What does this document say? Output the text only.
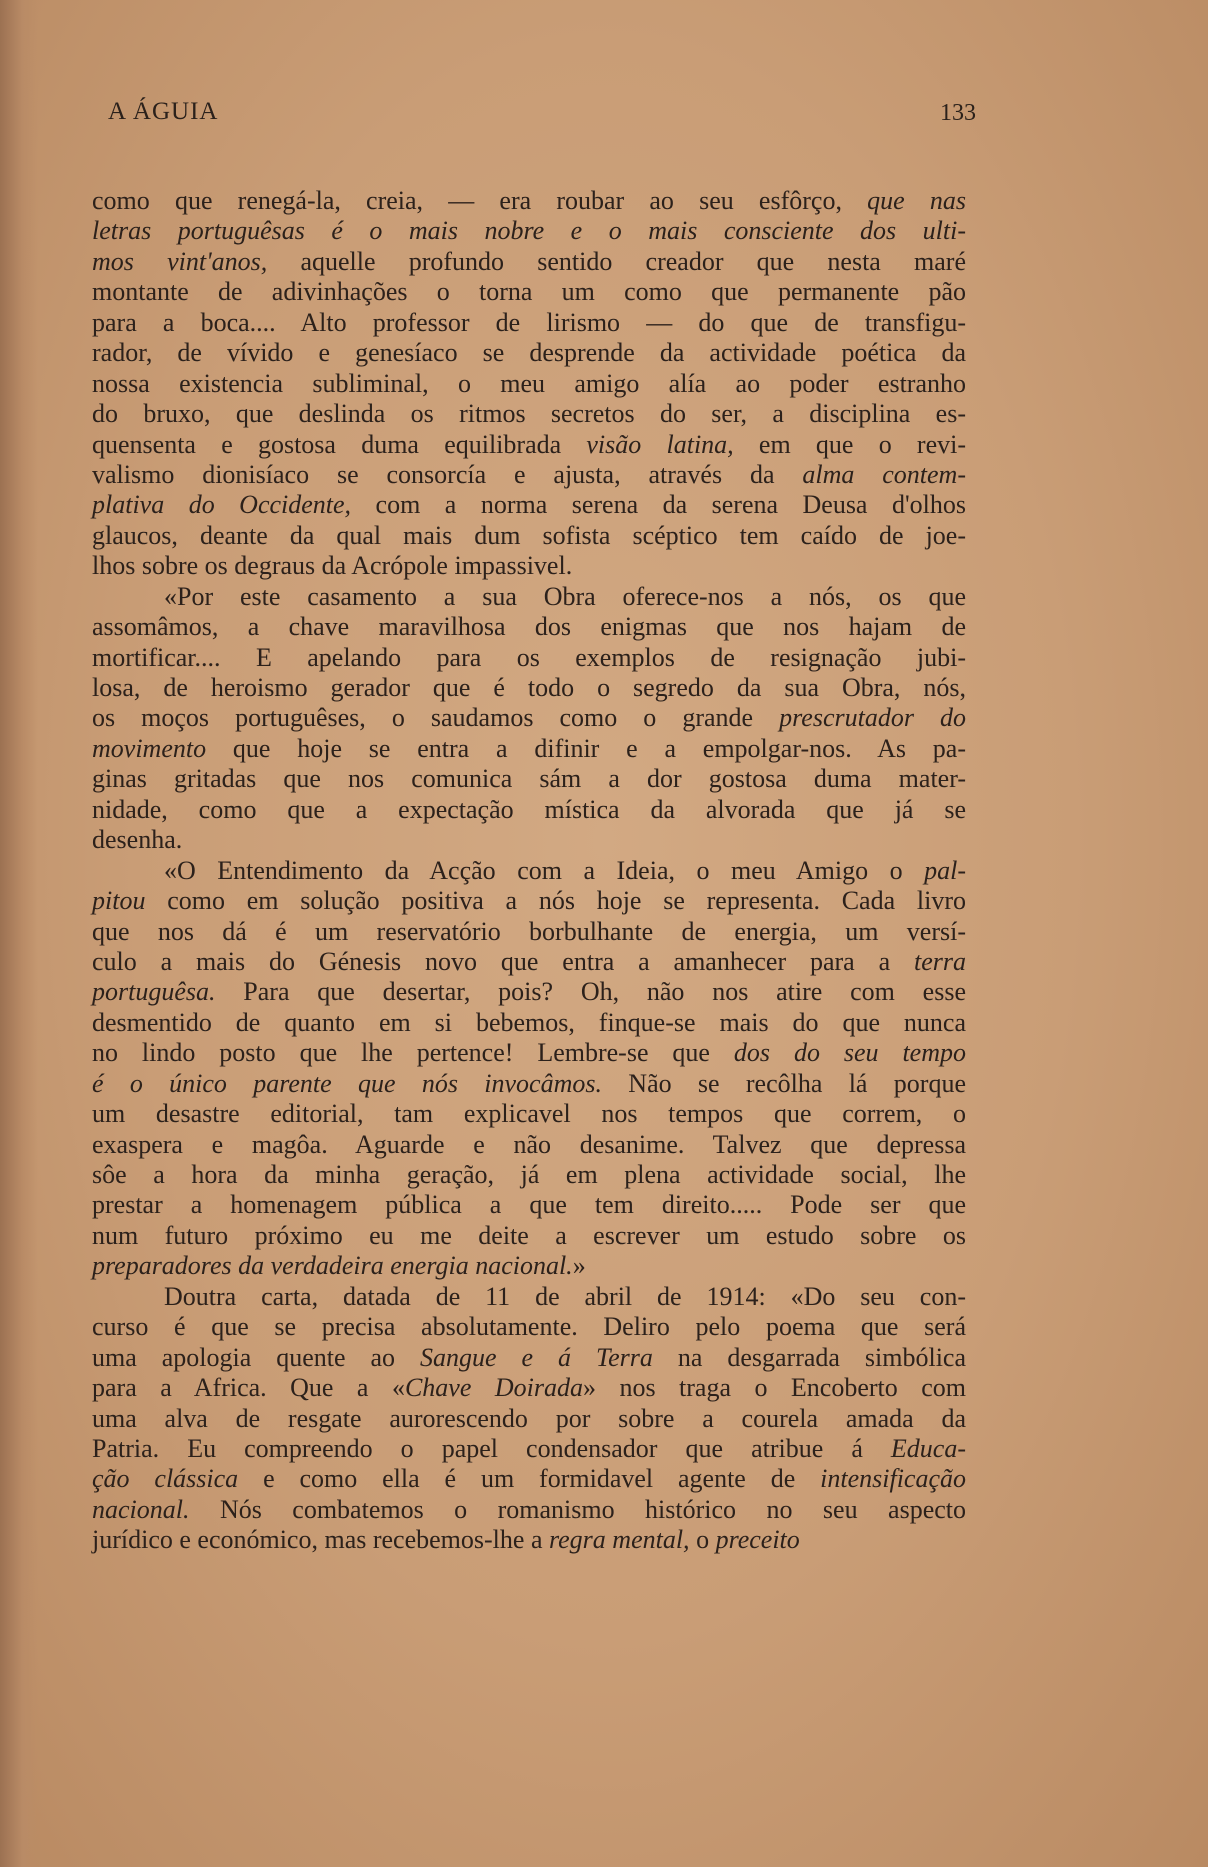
A ÁGUIA	133

como que renegá-la, creia, — era roubar ao seu esfôrço, que nas
letras portuguêsas é o mais nobre e o mais consciente dos ulti-
mos vint'anos, aquelle profundo sentido creador que nesta maré
montante de adivinhações o torna um como que permanente pão
para a boca.... Alto professor de lirismo — do que de transfigu-
rador, de vívido e genesíaco se desprende da actividade poética da
nossa existencia subliminal, o meu amigo alía ao poder estranho
do bruxo, que deslinda os ritmos secretos do ser, a disciplina es-
quensenta e gostosa duma equilibrada visão latina, em que o revi-
valismo dionisíaco se consorcía e ajusta, através da alma contem-
plativa do Occidente, com a norma serena da serena Deusa d'olhos
glaucos, deante da qual mais dum sofista scéptico tem caído de joe-
lhos sobre os degraus da Acrópole impassivel.

«Por este casamento a sua Obra oferece-nos a nós, os que
assomâmos, a chave maravilhosa dos enigmas que nos hajam de
mortificar.... E apelando para os exemplos de resignação jubi-
losa, de heroismo gerador que é todo o segredo da sua Obra, nós,
os moços portuguêses, o saudamos como o grande prescrutador do
movimento que hoje se entra a difinir e a empolgar-nos. As pa-
ginas gritadas que nos comunica sám a dor gostosa duma mater-
nidade, como que a expectação mística da alvorada que já se
desenha.

«O Entendimento da Acção com a Ideia, o meu Amigo o pal-
pitou como em solução positiva a nós hoje se representa. Cada livro
que nos dá é um reservatório borbulhante de energia, um versí-
culo a mais do Génesis novo que entra a amanhecer para a terra
portuguêsa. Para que desertar, pois? Oh, não nos atire com esse
desmentido de quanto em si bebemos, finque-se mais do que nunca
no lindo posto que lhe pertence! Lembre-se que dos do seu tempo
é o único parente que nós invocâmos. Não se recôlha lá porque
um desastre editorial, tam explicavel nos tempos que correm, o
exaspera e magôa. Aguarde e não desanime. Talvez que depressa
sôe a hora da minha geração, já em plena actividade social, lhe
prestar a homenagem pública a que tem direito..... Pode ser que
num futuro próximo eu me deite a escrever um estudo sobre os
preparadores da verdadeira energia nacional.»

Doutra carta, datada de 11 de abril de 1914: «Do seu con-
curso é que se precisa absolutamente. Deliro pelo poema que será
uma apologia quente ao Sangue e á Terra na desgarrada simbólica
para a Africa. Que a «Chave Doirada» nos traga o Encoberto com
uma alva de resgate auroresсendo por sobre a courela amada da
Patria. Eu compreendo o papel condensador que atribue á Educa-
ção clássica e como ella é um formidavel agente de intensificação
nacional. Nós combatemos o romanismo histórico no seu aspecto
jurídico e económico, mas recebemos-lhe a regra mental, o preceito
